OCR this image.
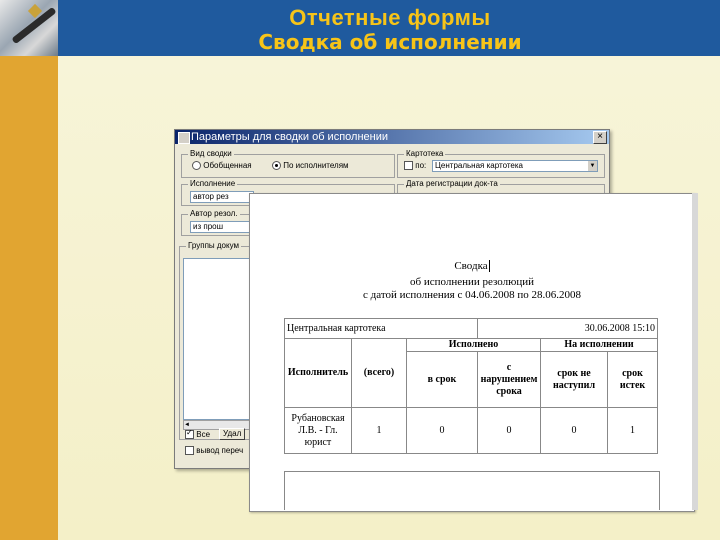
Отчетные формы
Сводка об исполнении
Параметры для сводки об исполнении	×
Вид сводки
Обобщенная	По исполнителям
Картотека
по:	Центральная картотека	▼
Исполнение
автор рез
Дата регистрации док-та
Автор резол.
из прош
Группы докум
◄
✓ Все	Удал
вывод переч
Сводка
об исполнении резолюций
с датой исполнения с 04.06.2008 по 28.06.2008
Центральная картотека			30.06.2008 15:10		
Исполнитель	(всего)	Исполнено		На исполнении	
		в срок	с нарушением срока	срок не наступил	срок истек
Рубановская Л.В. - Гл. юрист	1	0	0	0	1
